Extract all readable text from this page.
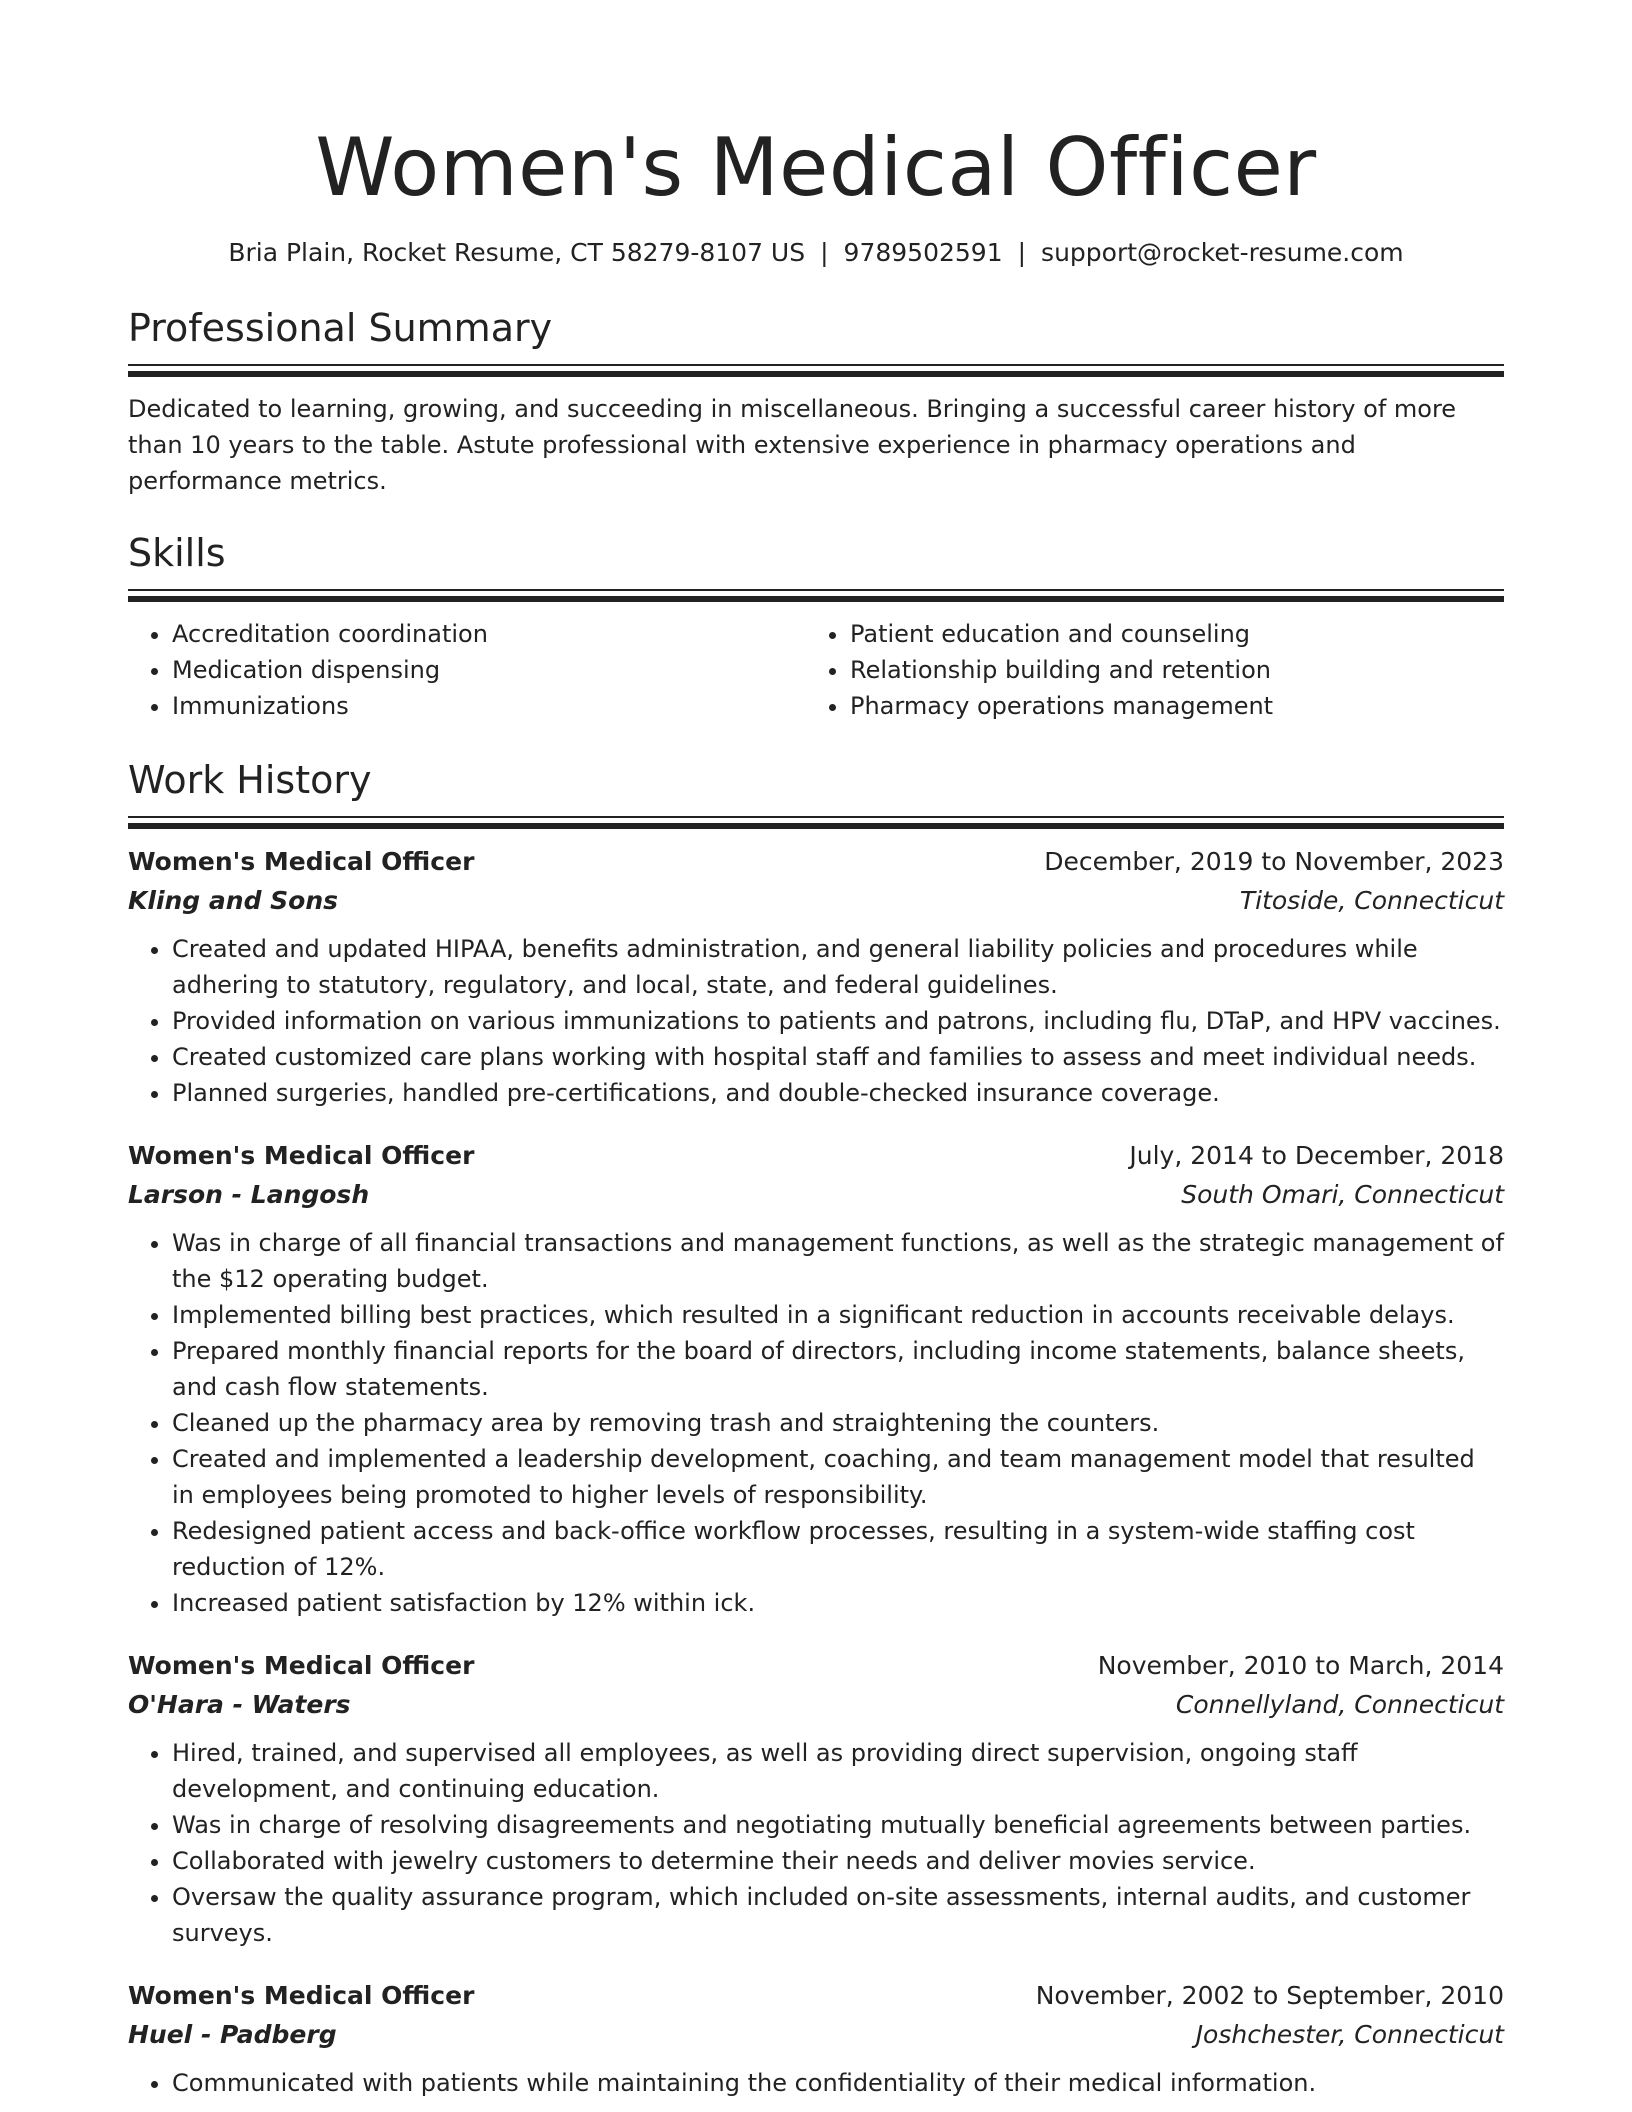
Women's Medical Officer
Bria Plain, Rocket Resume, CT 58279-8107 US | 9789502591 | support@rocket-resume.com
Professional Summary

Dedicated to learning, growing, and succeeding in miscellaneous. Bringing a successful career history of more than 10 years to the table. Astute professional with extensive experience in pharmacy operations and performance metrics.

Skills
• Accreditation coordination
• Medication dispensing
• Immunizations
• Patient education and counseling
• Relationship building and retention
• Pharmacy operations management
Work History
Women's Medical Officer	December, 2019 to November, 2023
Kling and Sons	Titoside, Connecticut
• Created and updated HIPAA, benefits administration, and general liability policies and procedures while adhering to statutory, regulatory, and local, state, and federal guidelines.
• Provided information on various immunizations to patients and patrons, including flu, DTaP, and HPV vaccines.
• Created customized care plans working with hospital staff and families to assess and meet individual needs.
• Planned surgeries, handled pre-certifications, and double-checked insurance coverage.
Women's Medical Officer	July, 2014 to December, 2018
Larson - Langosh	South Omari, Connecticut
• Was in charge of all financial transactions and management functions, as well as the strategic management of the $12 operating budget.
• Implemented billing best practices, which resulted in a significant reduction in accounts receivable delays.
• Prepared monthly financial reports for the board of directors, including income statements, balance sheets, and cash flow statements.
• Cleaned up the pharmacy area by removing trash and straightening the counters.
• Created and implemented a leadership development, coaching, and team management model that resulted in employees being promoted to higher levels of responsibility.
• Redesigned patient access and back-office workflow processes, resulting in a system-wide staffing cost reduction of 12%.
• Increased patient satisfaction by 12% within ick.
Women's Medical Officer	November, 2010 to March, 2014
O'Hara - Waters	Connellyland, Connecticut
• Hired, trained, and supervised all employees, as well as providing direct supervision, ongoing staff development, and continuing education.
• Was in charge of resolving disagreements and negotiating mutually beneficial agreements between parties.
• Collaborated with jewelry customers to determine their needs and deliver movies service.
• Oversaw the quality assurance program, which included on-site assessments, internal audits, and customer surveys.
Women's Medical Officer	November, 2002 to September, 2010
Huel - Padberg	Joshchester, Connecticut
• Communicated with patients while maintaining the confidentiality of their medical information.
